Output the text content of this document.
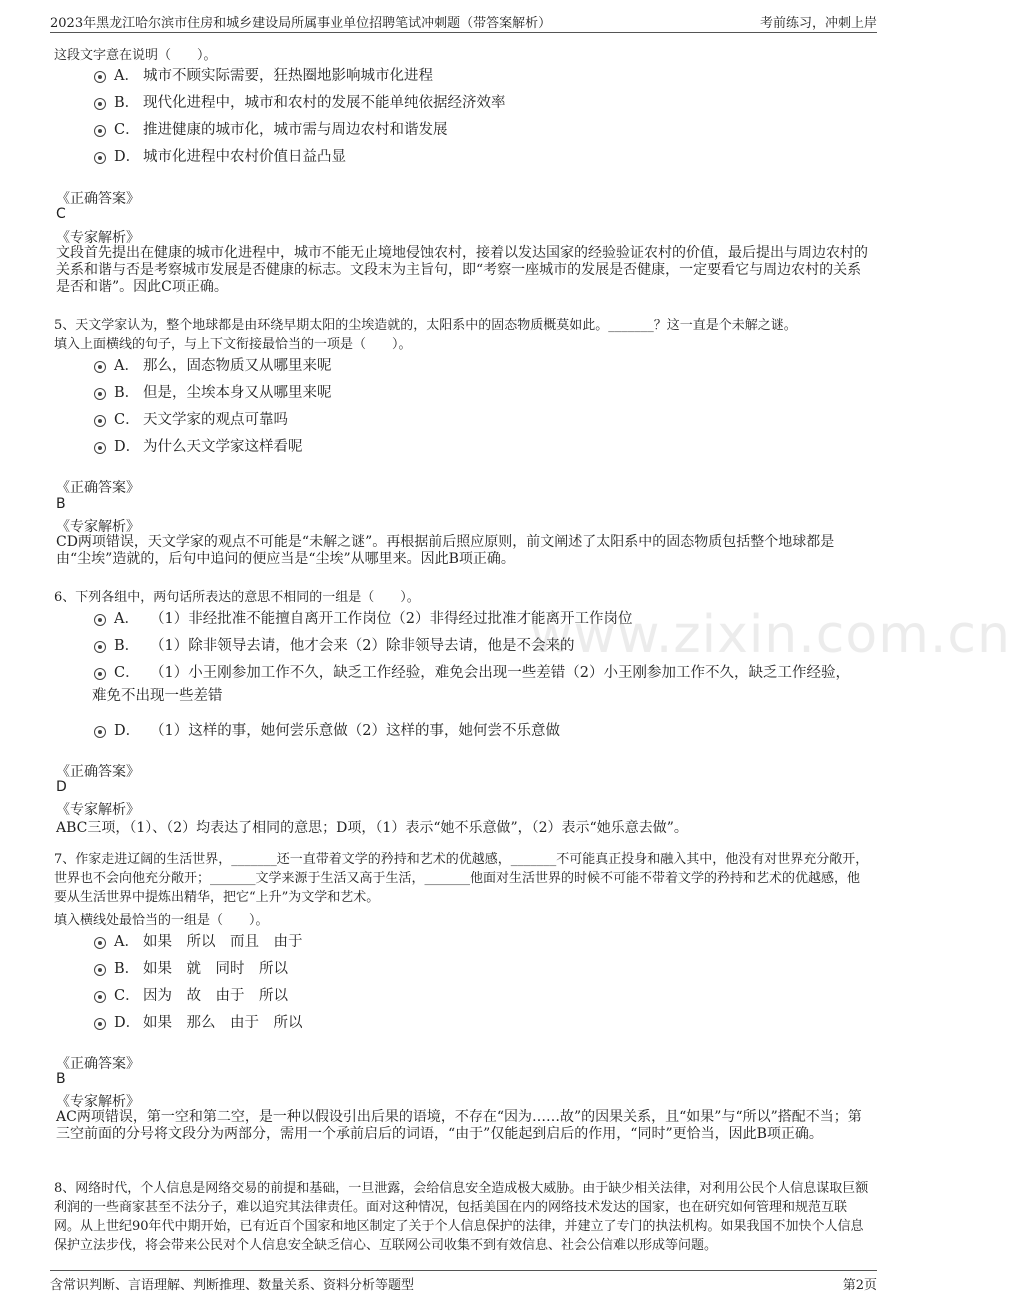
2023年黑龙江哈尔滨市住房和城乡建设局所属事业单位招聘笔试冲刺题（带答案解析）	考前练习，冲刺上岸
www.zixin.com.cn
这段文字意在说明（　　）。
A． 城市不顾实际需要，狂热圈地影响城市化进程
B． 现代化进程中，城市和农村的发展不能单纯依据经济效率
C． 推进健康的城市化，城市需与周边农村和谐发展
D． 城市化进程中农村价值日益凸显
《正确答案》
C
《专家解析》
文段首先提出在健康的城市化进程中，城市不能无止境地侵蚀农村，接着以发达国家的经验验证农村的价值，最后提出与周边农村的关系和谐与否是考察城市发展是否健康的标志。文段末为主旨句，即“考察一座城市的发展是否健康，一定要看它与周边农村的关系是否和谐”。因此C项正确。
5、天文学家认为，整个地球都是由环绕早期太阳的尘埃造就的，太阳系中的固态物质概莫如此。_______？这一直是个未解之谜。
填入上面横线的句子，与上下文衔接最恰当的一项是（　　）。
A． 那么，固态物质又从哪里来呢
B． 但是，尘埃本身又从哪里来呢
C． 天文学家的观点可靠吗
D． 为什么天文学家这样看呢
《正确答案》
B
《专家解析》
CD两项错误，天文学家的观点不可能是“未解之谜”。再根据前后照应原则，前文阐述了太阳系中的固态物质包括整个地球都是由“尘埃”造就的，后句中追问的便应当是“尘埃”从哪里来。因此B项正确。
6、下列各组中，两句话所表达的意思不相同的一组是（　　）。
A． （1）非经批准不能擅自离开工作岗位（2）非得经过批准才能离开工作岗位
B． （1）除非领导去请，他才会来（2）除非领导去请，他是不会来的
C． （1）小王刚参加工作不久，缺乏工作经验，难免会出现一些差错（2）小王刚参加工作不久，缺乏工作经验，
难免不出现一些差错
D． （1）这样的事，她何尝乐意做（2）这样的事，她何尝不乐意做
《正确答案》
D
《专家解析》
ABC三项，（1）、（2）均表达了相同的意思；D项，（1）表示“她不乐意做”，（2）表示“她乐意去做”。
7、作家走进辽阔的生活世界，_______还一直带着文学的矜持和艺术的优越感，_______不可能真正投身和融入其中，他没有对世界充分敞开，世界也不会向他充分敞开；_______文学来源于生活又高于生活，_______他面对生活世界的时候不可能不带着文学的矜持和艺术的优越感，他要从生活世界中提炼出精华，把它“上升”为文学和艺术。
填入横线处最恰当的一组是（　　）。
A． 如果　所以　而且　由于
B． 如果　就　同时　所以
C． 因为　故　由于　所以
D． 如果　那么　由于　所以
《正确答案》
B
《专家解析》
AC两项错误，第一空和第二空，是一种以假设引出后果的语境，不存在“因为……故”的因果关系，且“如果”与“所以”搭配不当；第三空前面的分号将文段分为两部分，需用一个承前启后的词语，“由于”仅能起到启后的作用，“同时”更恰当，因此B项正确。
8、网络时代，个人信息是网络交易的前提和基础，一旦泄露，会给信息安全造成极大威胁。由于缺少相关法律，对利用公民个人信息谋取巨额利润的一些商家甚至不法分子，难以追究其法律责任。面对这种情况，包括美国在内的网络技术发达的国家，也在研究如何管理和规范互联网。从上世纪90年代中期开始，已有近百个国家和地区制定了关于个人信息保护的法律，并建立了专门的执法机构。如果我国不加快个人信息保护立法步伐，将会带来公民对个人信息安全缺乏信心、互联网公司收集不到有效信息、社会公信难以形成等问题。
含常识判断、言语理解、判断推理、数量关系、资料分析等题型	第2页
